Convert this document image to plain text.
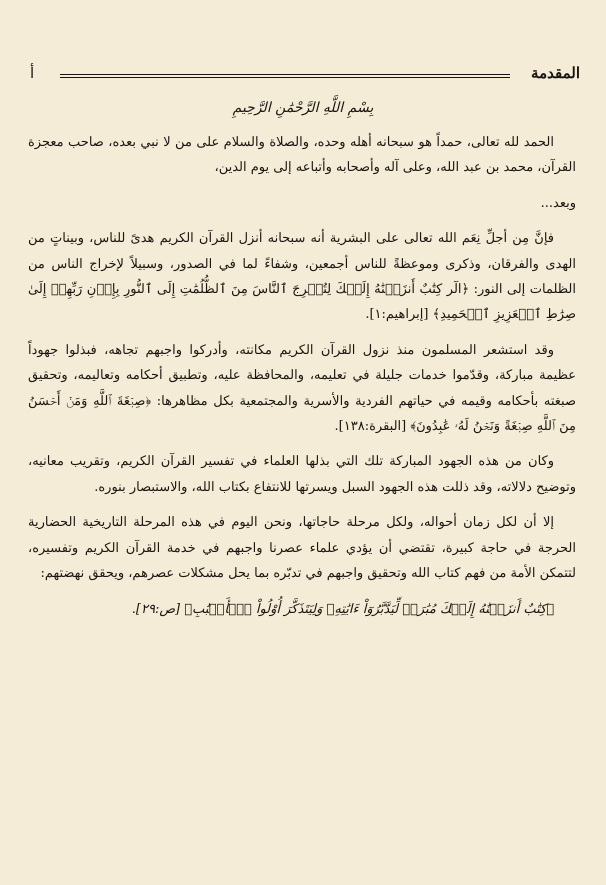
المقدمة
أ
بِسْمِ اللَّهِ الرَّحْمَٰنِ الرَّحِيمِ

الحمد لله تعالى، حمداً هو سبحانه أهله وحده، والصلاة والسلام على من لا نبي بعده، صاحب معجزة القرآن، محمد بن عبد الله، وعلى آله وأصحابه وأتباعه إلى يوم الدين،

وبعد...

فإنَّ مِن أجلِّ نِعَم الله تعالى على البشرية أنه سبحانه أنزل القرآن الكريم هدىً للناس، وبيناتٍ من الهدى والفرقان، وذكرى وموعظةً للناس أجمعين، وشفاءً لما في الصدور، وسبيلاً لإخراج الناس من الظلمات إلى النور: ﴿الٓر كِتَٰبٌ أَنزَلۡنَٰهُ إِلَيۡكَ لِتُخۡرِجَ ٱلنَّاسَ مِنَ ٱلظُّلُمَٰتِ إِلَى ٱلنُّورِ بِإِذۡنِ رَبِّهِمۡ إِلَىٰ صِرَٰطِ ٱلۡعَزِيزِ ٱلۡحَمِيدِ﴾ [إبراهيم:١].

وقد استشعر المسلمون منذ نزول القرآن الكريم مكانته، وأدركوا واجبهم تجاهه، فبذلوا جهوداً عظيمة مباركة، وقدّموا خدمات جليلة في تعليمه، والمحافظة عليه، وتطبيق أحكامه وتعاليمه، وتحقيق صبغته بأحكامه وقيمه في حياتهم الفردية والأسرية والمجتمعية بكل مظاهرها: ﴿صِبۡغَةَ ٱللَّهِ وَمَنۡ أَحۡسَنُ مِنَ ٱللَّهِ صِبۡغَةً وَنَحۡنُ لَهُۥ عَٰبِدُونَ﴾ [البقرة:١٣٨].

وكان من هذه الجهود المباركة تلك التي بذلها العلماء في تفسير القرآن الكريم، وتقريب معانيه، وتوضيح دلالاته، وقد ذللت هذه الجهود السبل ويسرتها للانتفاع بكتاب الله، والاستبصار بنوره.

إلا أن لكل زمان أحواله، ولكل مرحلة حاجاتها، ونحن اليوم في هذه المرحلة التاريخية الحضارية الحرجة في حاجة كبيرة، تقتضي أن يؤدي علماء عصرنا واجبهم في خدمة القرآن الكريم وتفسيره، لتتمكن الأمة من فهم كتاب الله وتحقيق واجبهم في تدبّره بما يحل مشكلات عصرهم، ويحقق نهضتهم:

﴿كِتَٰبٌ أَنزَلۡنَٰهُ إِلَيۡكَ مُبَٰرَكٞ لِّيَدَّبَّرُوٓاْ ءَايَٰتِهِۦ وَلِيَتَذَكَّرَ أُوْلُواْ ٱلۡأَلۡبَٰبِ﴾ [ص:٢٩].
